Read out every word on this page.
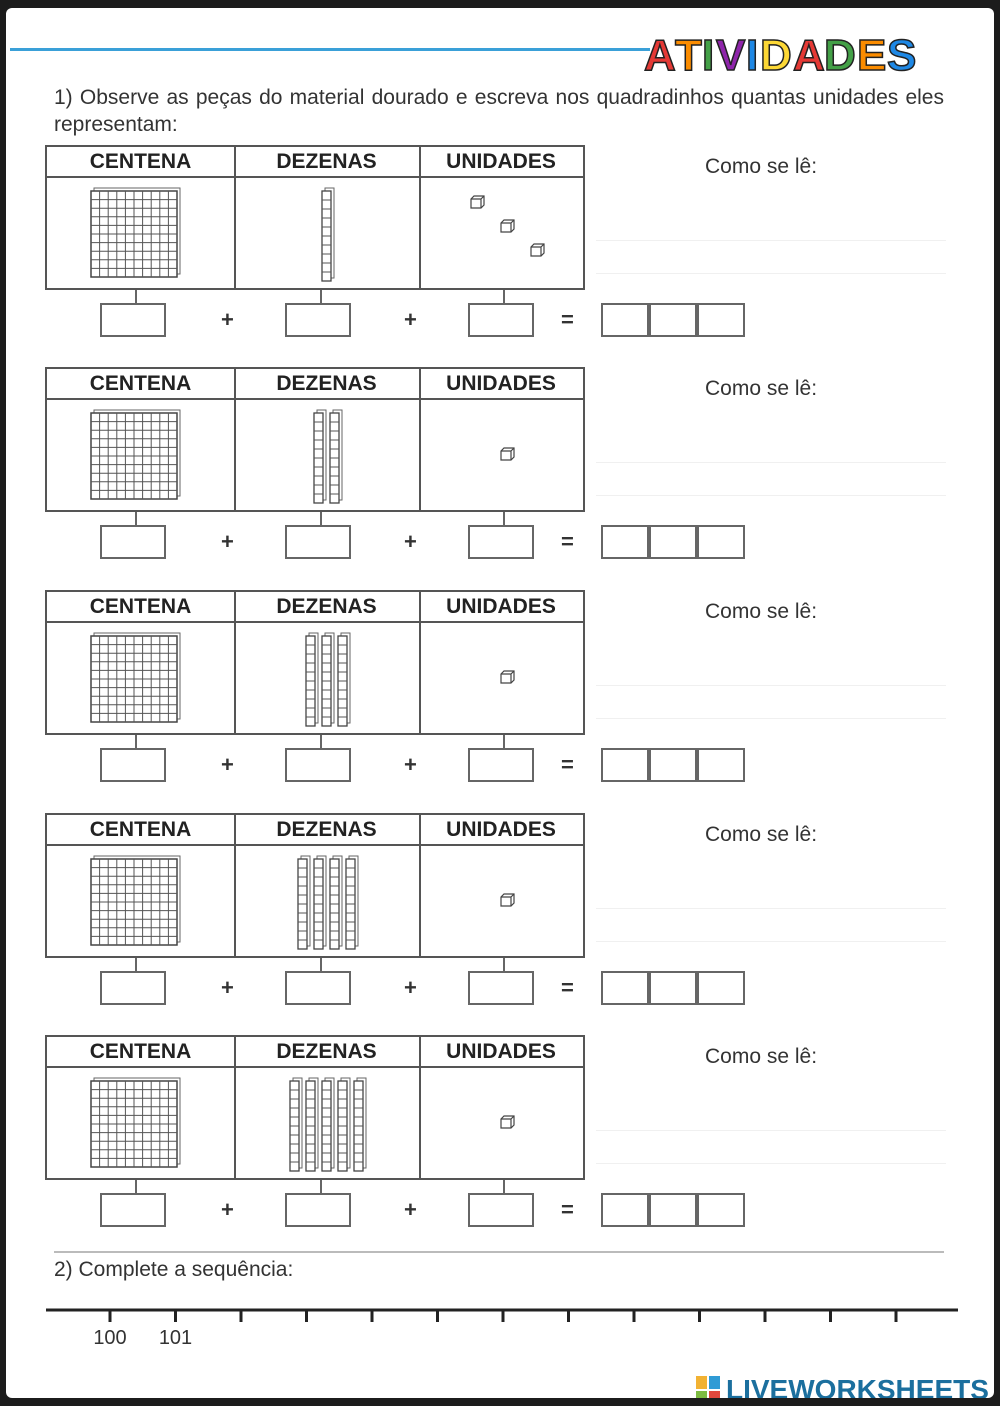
A T I V I D A D E S
1) Observe as peças do material dourado e escreva nos quadradinhos quantas unidades eles representam:
CENTENA	DEZENAS	UNIDADES	Como se lê:
+	+	=
CENTENA	DEZENAS	UNIDADES	Como se lê:
+	+	=
CENTENA	DEZENAS	UNIDADES	Como se lê:
+	+	=
CENTENA	DEZENAS	UNIDADES	Como se lê:
+	+	=
CENTENA	DEZENAS	UNIDADES	Como se lê:
+	+	=
2) Complete a sequência:
100 101
LIVEWORKSHEETS
